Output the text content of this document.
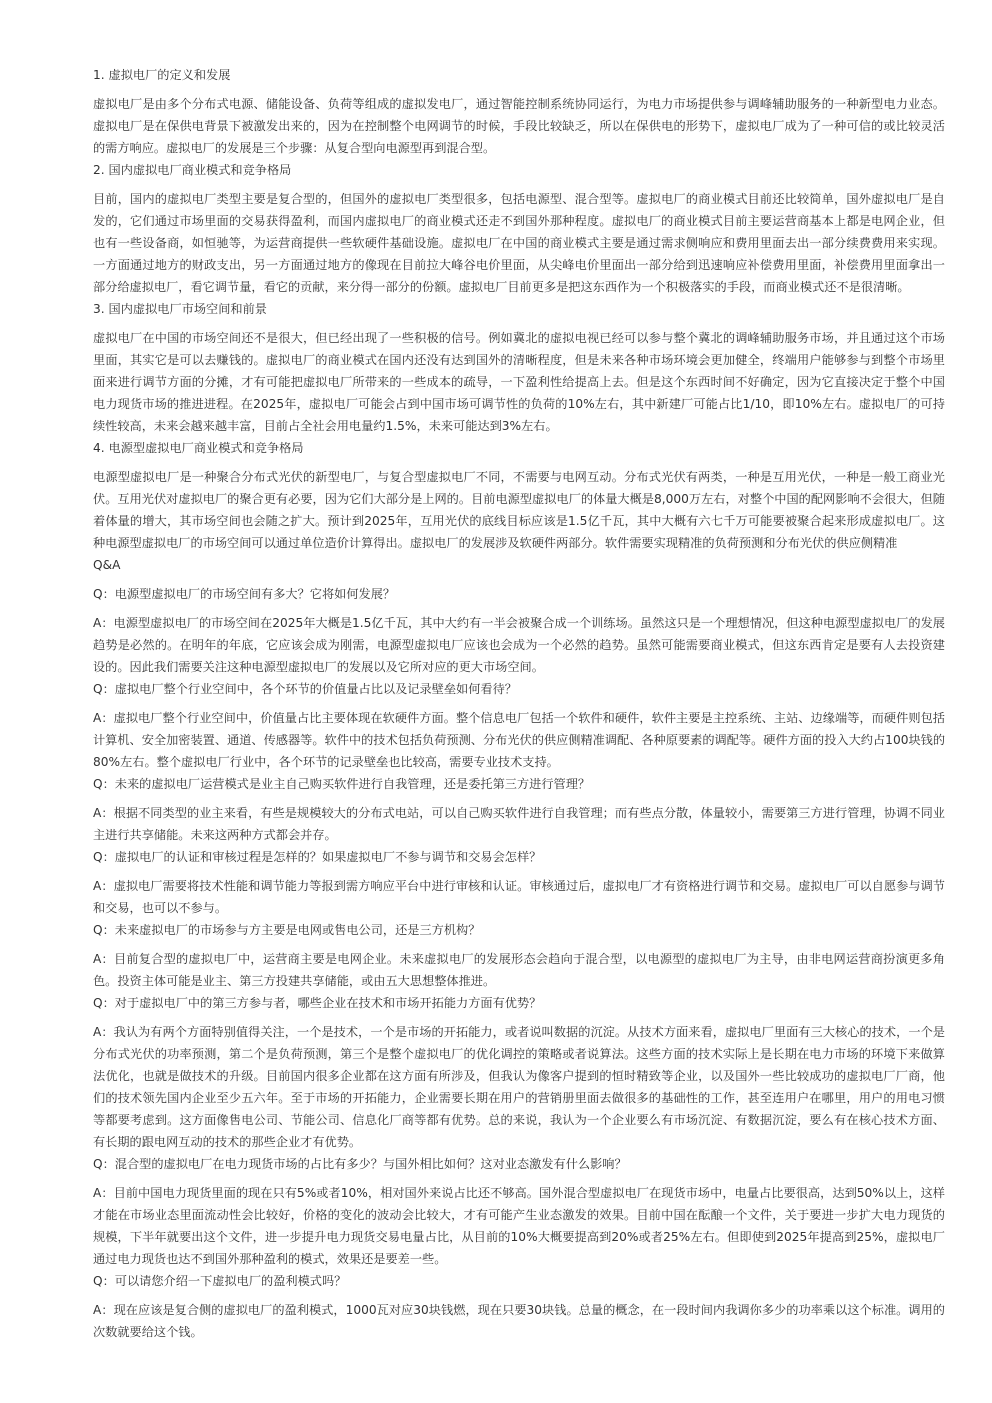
1. 虚拟电厂的定义和发展

虚拟电厂是由多个分布式电源、储能设备、负荷等组成的虚拟发电厂，通过智能控制系统协同运行，为电力市场提供参与调峰辅助服务的一种新型电力业态。虚拟电厂是在保供电背景下被激发出来的，因为在控制整个电网调节的时候，手段比较缺乏，所以在保供电的形势下，虚拟电厂成为了一种可信的或比较灵活的需方响应。虚拟电厂的发展是三个步骤：从复合型向电源型再到混合型。

2. 国内虚拟电厂商业模式和竞争格局

目前，国内的虚拟电厂类型主要是复合型的，但国外的虚拟电厂类型很多，包括电源型、混合型等。虚拟电厂的商业模式目前还比较简单，国外虚拟电厂是自发的，它们通过市场里面的交易获得盈利，而国内虚拟电厂的商业模式还走不到国外那种程度。虚拟电厂的商业模式目前主要运营商基本上都是电网企业，但也有一些设备商，如恒驰等，为运营商提供一些软硬件基础设施。虚拟电厂在中国的商业模式主要是通过需求侧响应和费用里面去出一部分续费费用来实现。一方面通过地方的财政支出，另一方面通过地方的像现在目前拉大峰谷电价里面，从尖峰电价里面出一部分给到迅速响应补偿费用里面，补偿费用里面拿出一部分给虚拟电厂，看它调节量，看它的贡献，来分得一部分的份额。虚拟电厂目前更多是把这东西作为一个积极落实的手段，而商业模式还不是很清晰。

3. 国内虚拟电厂市场空间和前景

虚拟电厂在中国的市场空间还不是很大，但已经出现了一些积极的信号。例如冀北的虚拟电视已经可以参与整个冀北的调峰辅助服务市场，并且通过这个市场里面，其实它是可以去赚钱的。虚拟电厂的商业模式在国内还没有达到国外的清晰程度，但是未来各种市场环境会更加健全，终端用户能够参与到整个市场里面来进行调节方面的分摊，才有可能把虚拟电厂所带来的一些成本的疏导，一下盈利性给提高上去。但是这个东西时间不好确定，因为它直接决定于整个中国电力现货市场的推进进程。在2025年，虚拟电厂可能会占到中国市场可调节性的负荷的10%左右，其中新建厂可能占比1/10，即10%左右。虚拟电厂的可持续性较高，未来会越来越丰富，目前占全社会用电量约1.5%，未来可能达到3%左右。

4. 电源型虚拟电厂商业模式和竞争格局

电源型虚拟电厂是一种聚合分布式光伏的新型电厂，与复合型虚拟电厂不同，不需要与电网互动。分布式光伏有两类，一种是互用光伏，一种是一般工商业光伏。互用光伏对虚拟电厂的聚合更有必要，因为它们大部分是上网的。目前电源型虚拟电厂的体量大概是8,000万左右，对整个中国的配网影响不会很大，但随着体量的增大，其市场空间也会随之扩大。预计到2025年，互用光伏的底线目标应该是1.5亿千瓦，其中大概有六七千万可能要被聚合起来形成虚拟电厂。这种电源型虚拟电厂的市场空间可以通过单位造价计算得出。虚拟电厂的发展涉及软硬件两部分。软件需要实现精准的负荷预测和分布光伏的供应侧精准

Q&A

Q：电源型虚拟电厂的市场空间有多大？它将如何发展？

A：电源型虚拟电厂的市场空间在2025年大概是1.5亿千瓦，其中大约有一半会被聚合成一个训练场。虽然这只是一个理想情况，但这种电源型虚拟电厂的发展趋势是必然的。在明年的年底，它应该会成为刚需，电源型虚拟电厂应该也会成为一个必然的趋势。虽然可能需要商业模式，但这东西肯定是要有人去投资建设的。因此我们需要关注这种电源型虚拟电厂的发展以及它所对应的更大市场空间。

Q：虚拟电厂整个行业空间中，各个环节的价值量占比以及记录壁垒如何看待？

A：虚拟电厂整个行业空间中，价值量占比主要体现在软硬件方面。整个信息电厂包括一个软件和硬件，软件主要是主控系统、主站、边缘端等，而硬件则包括计算机、安全加密装置、通道、传感器等。软件中的技术包括负荷预测、分布光伏的供应侧精准调配、各种原要素的调配等。硬件方面的投入大约占100块钱的80%左右。整个虚拟电厂行业中，各个环节的记录壁垒也比较高，需要专业技术支持。

Q：未来的虚拟电厂运营模式是业主自己购买软件进行自我管理，还是委托第三方进行管理？

A：根据不同类型的业主来看，有些是规模较大的分布式电站，可以自己购买软件进行自我管理；而有些点分散，体量较小，需要第三方进行管理，协调不同业主进行共享储能。未来这两种方式都会并存。

Q：虚拟电厂的认证和审核过程是怎样的？如果虚拟电厂不参与调节和交易会怎样？

A：虚拟电厂需要将技术性能和调节能力等报到需方响应平台中进行审核和认证。审核通过后，虚拟电厂才有资格进行调节和交易。虚拟电厂可以自愿参与调节和交易，也可以不参与。

Q：未来虚拟电厂的市场参与方主要是电网或售电公司，还是三方机构？

A：目前复合型的虚拟电厂中，运营商主要是电网企业。未来虚拟电厂的发展形态会趋向于混合型，以电源型的虚拟电厂为主导，由非电网运营商扮演更多角色。投资主体可能是业主、第三方投建共享储能，或由五大思想整体推进。

Q：对于虚拟电厂中的第三方参与者，哪些企业在技术和市场开拓能力方面有优势？

A：我认为有两个方面特别值得关注，一个是技术，一个是市场的开拓能力，或者说叫数据的沉淀。从技术方面来看，虚拟电厂里面有三大核心的技术，一个是分布式光伏的功率预测，第二个是负荷预测，第三个是整个虚拟电厂的优化调控的策略或者说算法。这些方面的技术实际上是长期在电力市场的环境下来做算法优化，也就是做技术的升级。目前国内很多企业都在这方面有所涉及，但我认为像客户提到的恒时精致等企业，以及国外一些比较成功的虚拟电厂厂商，他们的技术领先国内企业至少五六年。至于市场的开拓能力，企业需要长期在用户的营销册里面去做很多的基础性的工作，甚至连用户在哪里，用户的用电习惯等都要考虑到。这方面像售电公司、节能公司、信息化厂商等都有优势。总的来说，我认为一个企业要么有市场沉淀、有数据沉淀，要么有在核心技术方面、有长期的跟电网互动的技术的那些企业才有优势。

Q：混合型的虚拟电厂在电力现货市场的占比有多少？与国外相比如何？这对业态激发有什么影响？

A：目前中国电力现货里面的现在只有5%或者10%，相对国外来说占比还不够高。国外混合型虚拟电厂在现货市场中，电量占比要很高，达到50%以上，这样才能在市场业态里面流动性会比较好，价格的变化的波动会比较大，才有可能产生业态激发的效果。目前中国在酝酿一个文件，关于要进一步扩大电力现货的规模，下半年就要出这个文件，进一步提升电力现货交易电量占比，从目前的10%大概要提高到20%或者25%左右。但即使到2025年提高到25%，虚拟电厂通过电力现货也达不到国外那种盈利的模式，效果还是要差一些。

Q：可以请您介绍一下虚拟电厂的盈利模式吗？

A：现在应该是复合侧的虚拟电厂的盈利模式，1000瓦对应30块钱燃，现在只要30块钱。总量的概念，在一段时间内我调你多少的功率乘以这个标准。调用的次数就要给这个钱。
